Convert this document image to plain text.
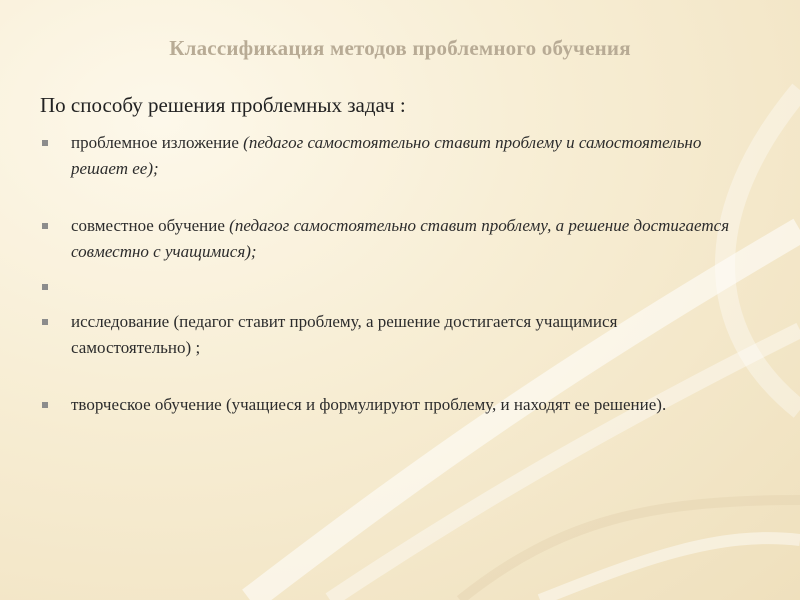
Классификация методов проблемного обучения
По способу решения проблемных задач :
проблемное изложение (педагог самостоятельно ставит проблему и самостоятельно решает ее);
совместное обучение (педагог самостоятельно ставит проблему, а решение достигается совместно с учащимися);
исследование (педагог ставит проблему, а решение достигается учащимися самостоятельно) ;
творческое обучение (учащиеся и формулируют проблему, и находят ее решение).
